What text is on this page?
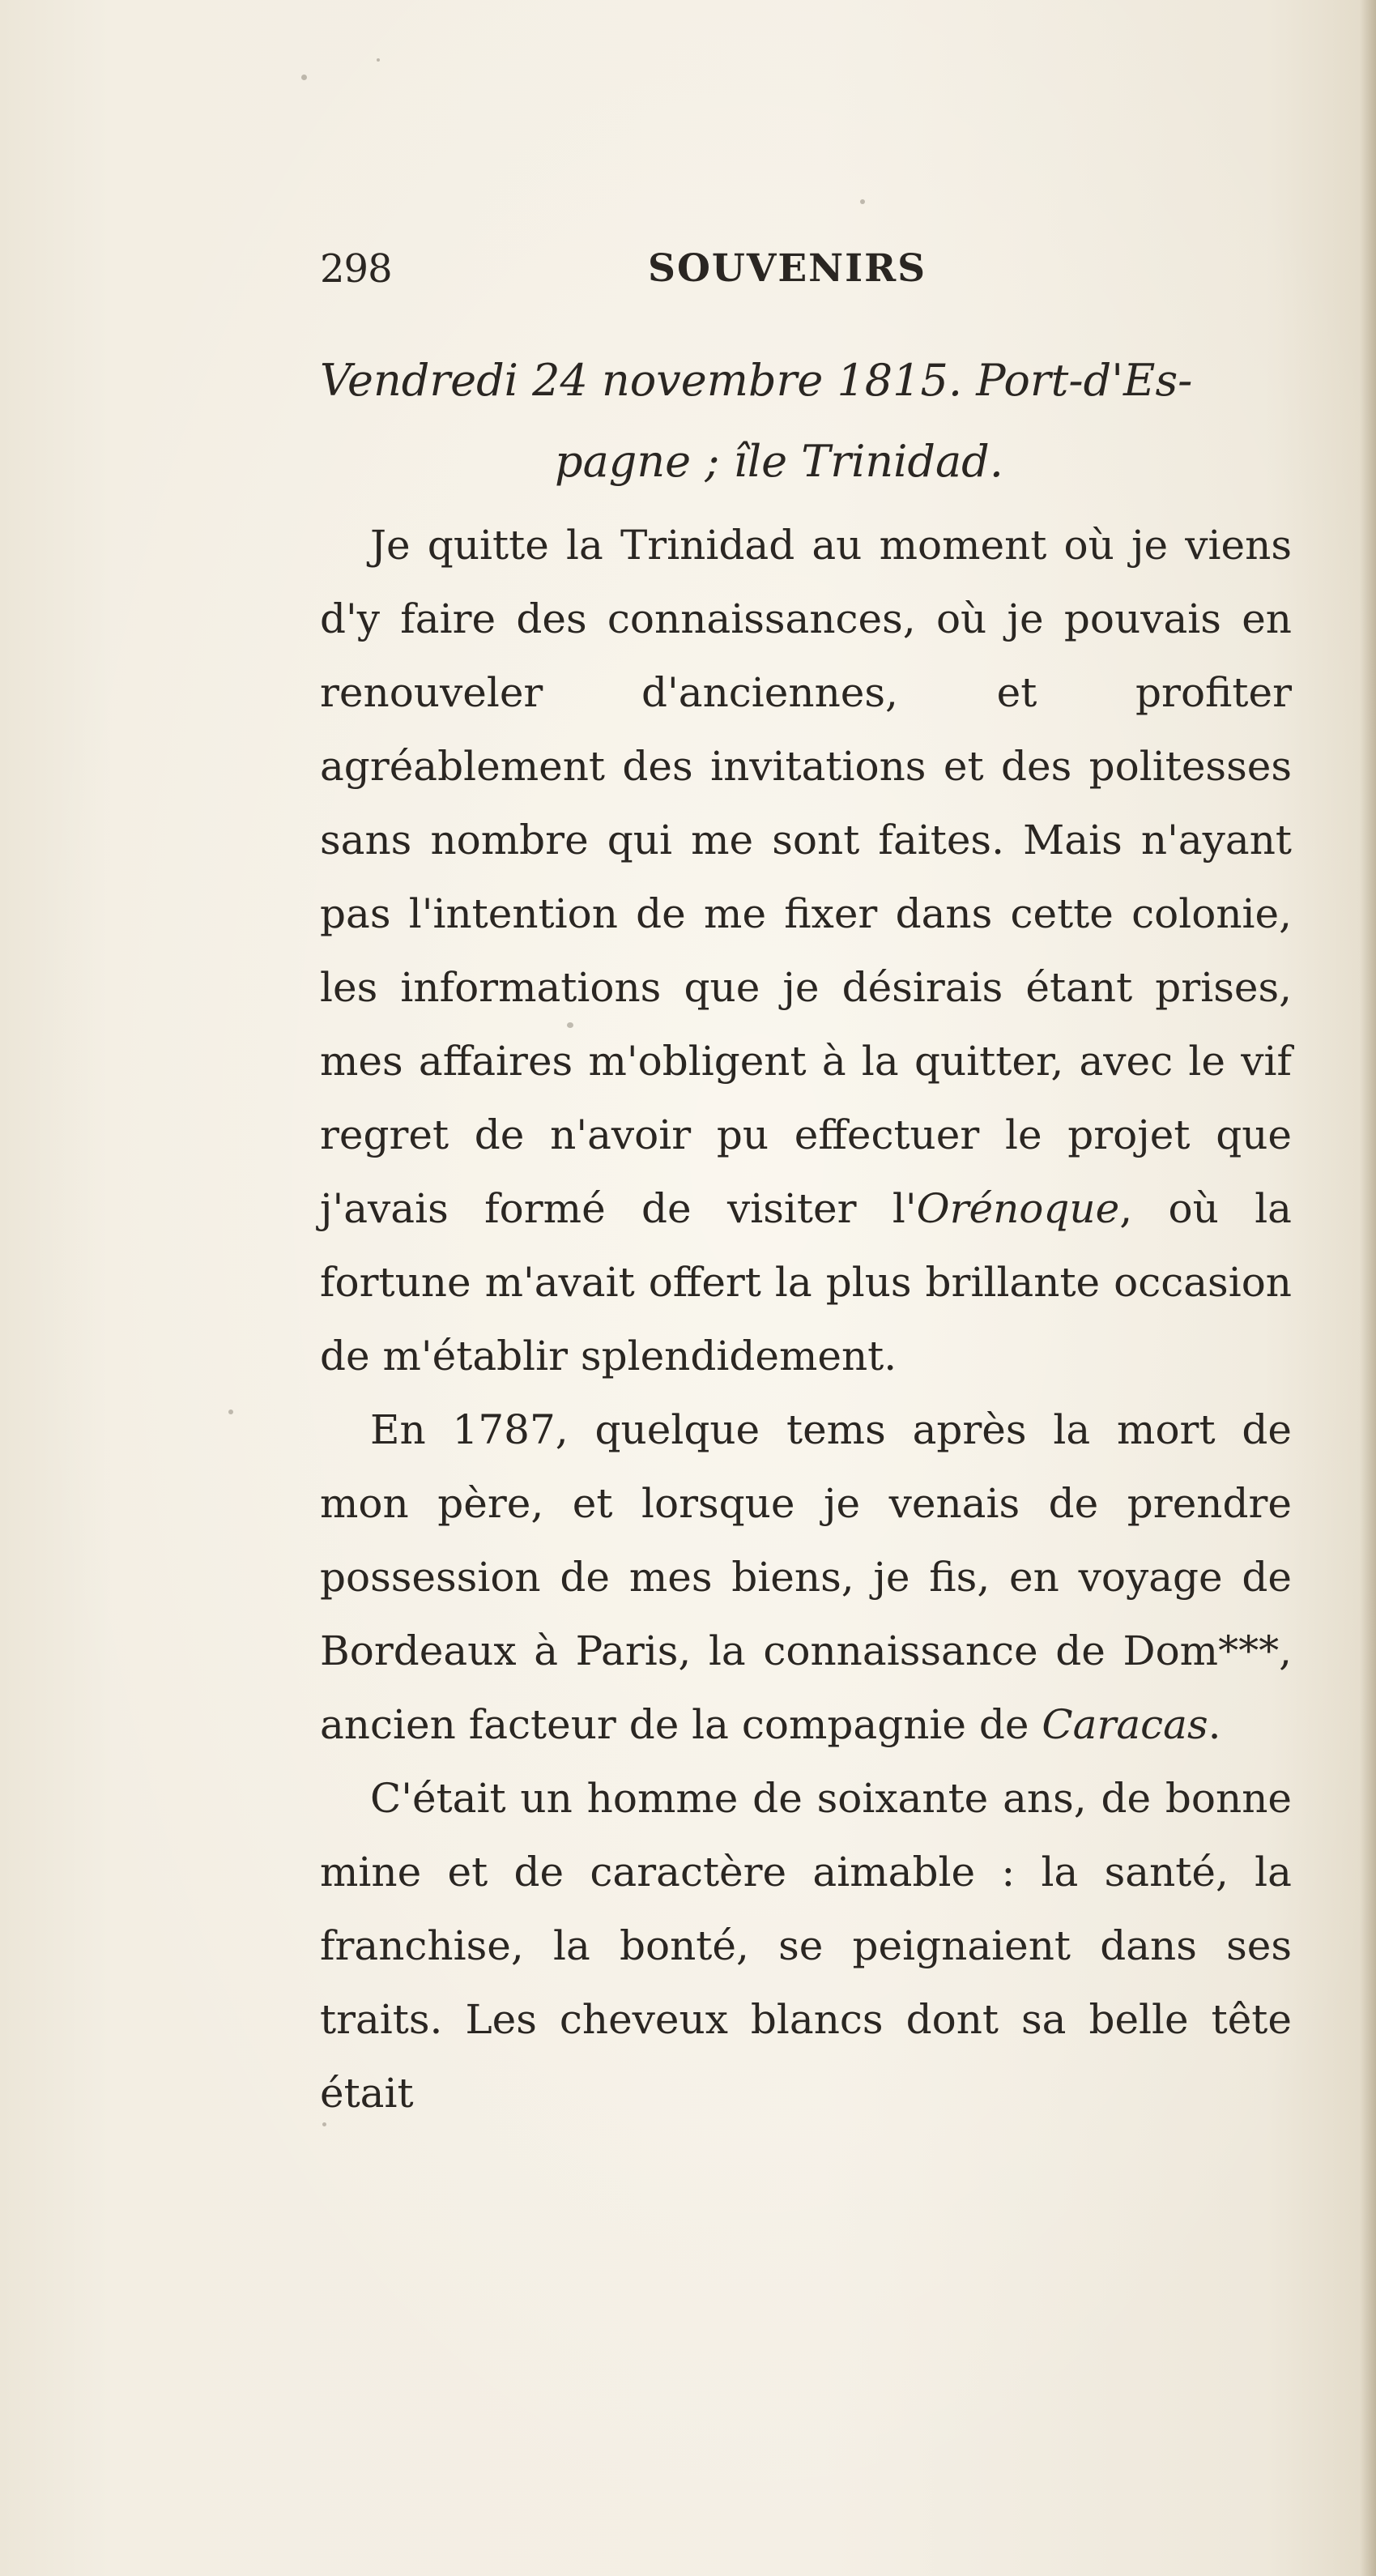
298	SOUVENIRS
Vendredi 24 novembre 1815. Port-d'Es-
pagne ; île Trinidad.

Je quitte la Trinidad au moment où je viens d'y faire des connaissances, où je pouvais en renouveler d'anciennes, et profiter agréablement des invitations et des politesses sans nombre qui me sont faites. Mais n'ayant pas l'intention de me fixer dans cette colonie, les informations que je désirais étant prises, mes affaires m'obligent à la quitter, avec le vif regret de n'avoir pu effectuer le projet que j'avais formé de visiter l'Orénoque, où la fortune m'avait offert la plus brillante occasion de m'établir splendidement.

En 1787, quelque tems après la mort de mon père, et lorsque je venais de prendre possession de mes biens, je fis, en voyage de Bordeaux à Paris, la connaissance de Dom***, ancien facteur de la compagnie de Caracas.

C'était un homme de soixante ans, de bonne mine et de caractère aimable : la santé, la franchise, la bonté, se peignaient dans ses traits. Les cheveux blancs dont sa belle tête était
